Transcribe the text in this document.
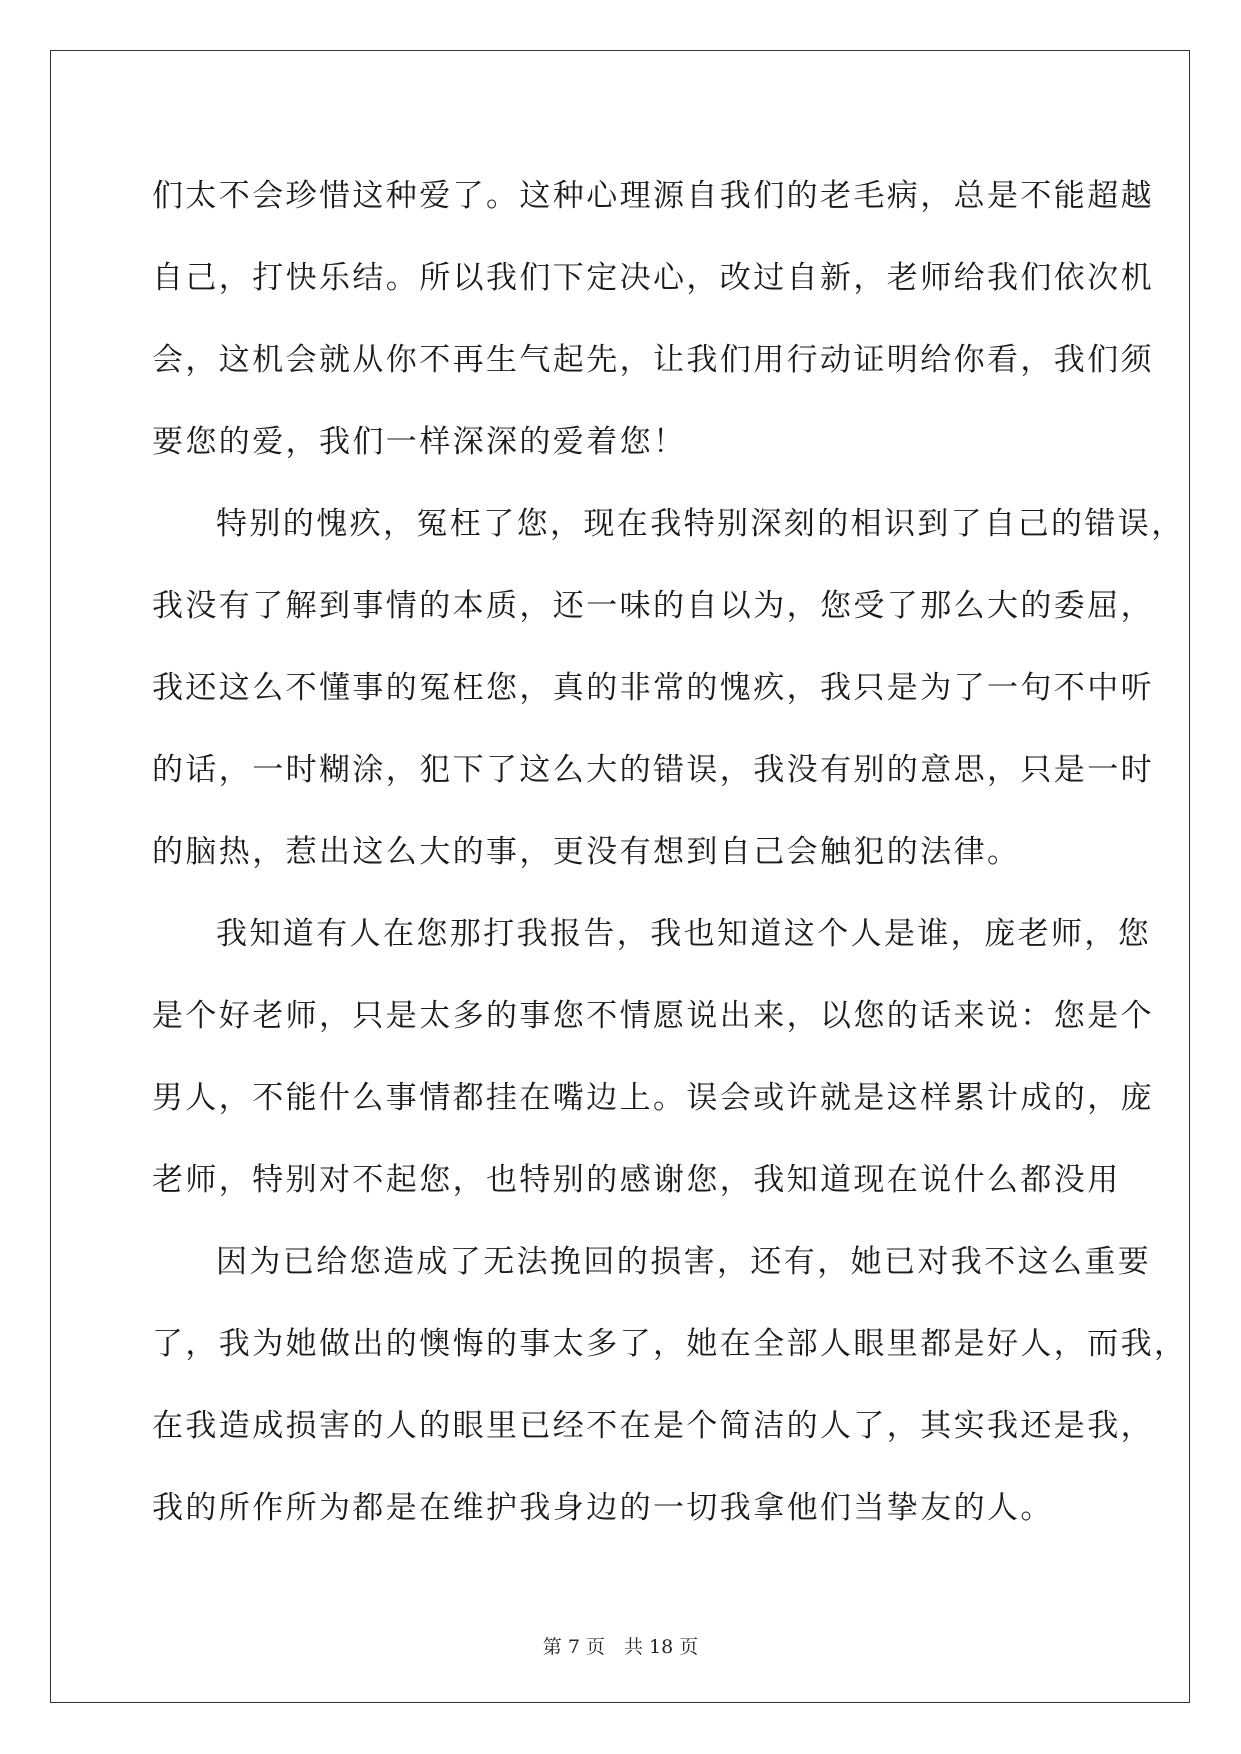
们太不会珍惜这种爱了。这种心理源自我们的老毛病，总是不能超越
自己，打快乐结。所以我们下定决心，改过自新，老师给我们依次机
会，这机会就从你不再生气起先，让我们用行动证明给你看，我们须
要您的爱，我们一样深深的爱着您！
特别的愧疚，冤枉了您，现在我特别深刻的相识到了自己的错误，
我没有了解到事情的本质，还一味的自以为，您受了那么大的委屈，
我还这么不懂事的冤枉您，真的非常的愧疚，我只是为了一句不中听
的话，一时糊涂，犯下了这么大的错误，我没有别的意思，只是一时
的脑热，惹出这么大的事，更没有想到自己会触犯的法律。
我知道有人在您那打我报告，我也知道这个人是谁，庞老师，您
是个好老师，只是太多的事您不情愿说出来，以您的话来说：您是个
男人，不能什么事情都挂在嘴边上。误会或许就是这样累计成的，庞
老师，特别对不起您，也特别的感谢您，我知道现在说什么都没用
因为已给您造成了无法挽回的损害，还有，她已对我不这么重要
了，我为她做出的懊悔的事太多了，她在全部人眼里都是好人，而我，
在我造成损害的人的眼里已经不在是个简洁的人了，其实我还是我，
我的所作所为都是在维护我身边的一切我拿他们当挚友的人。
第 7 页　共 18 页
